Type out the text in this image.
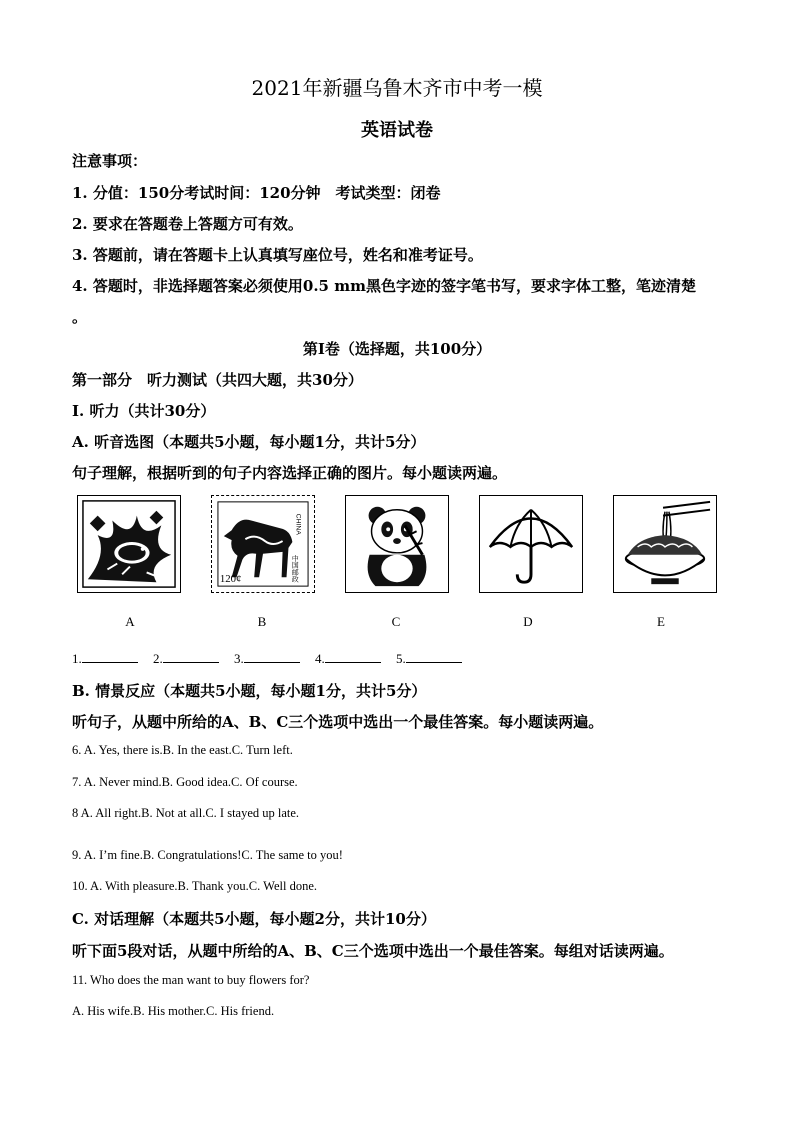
2021年新疆乌鲁木齐市中考一模
英语试卷
注意事项：
1. 分值：150分考试时间：120分钟　考试类型：闭卷
2. 要求在答题卷上答题方可有效。
3. 答题前，请在答题卡上认真填写座位号，姓名和准考证号。
4. 答题时，非选择题答案必须使用0.5 mm黑色字迹的签字笔书写，要求字体工整，笔迹清楚
。
第I卷（选择题，共100分）
第一部分　听力测试（共四大题，共30分）
Ⅰ. 听力（共计30分）
A. 听音选图（本题共5小题，每小题1分，共计5分）
句子理解，根据听到的句子内容选择正确的图片。每小题读两遍。
120¢
CHINA
中国邮政
A	B	C	D	E
1.	2.	3.	4.	5.
B. 情景反应（本题共5小题，每小题1分，共计5分）
听句子，从题中所给的A、B、C三个选项中选出一个最佳答案。每小题读两遍。
6. A. Yes, there is.B. In the east.C. Turn left.
7. A. Never mind.B. Good idea.C. Of course.
8 A. All right.B. Not at all.C. I stayed up late.
9. A. I’m fine.B. Congratulations!C. The same to you!
10. A. With pleasure.B. Thank you.C. Well done.
C. 对话理解（本题共5小题，每小题2分，共计10分）
听下面5段对话，从题中所给的A、B、C三个选项中选出一个最佳答案。每组对话读两遍。
11. Who does the man want to buy flowers for?
A. His wife.B. His mother.C. His friend.
